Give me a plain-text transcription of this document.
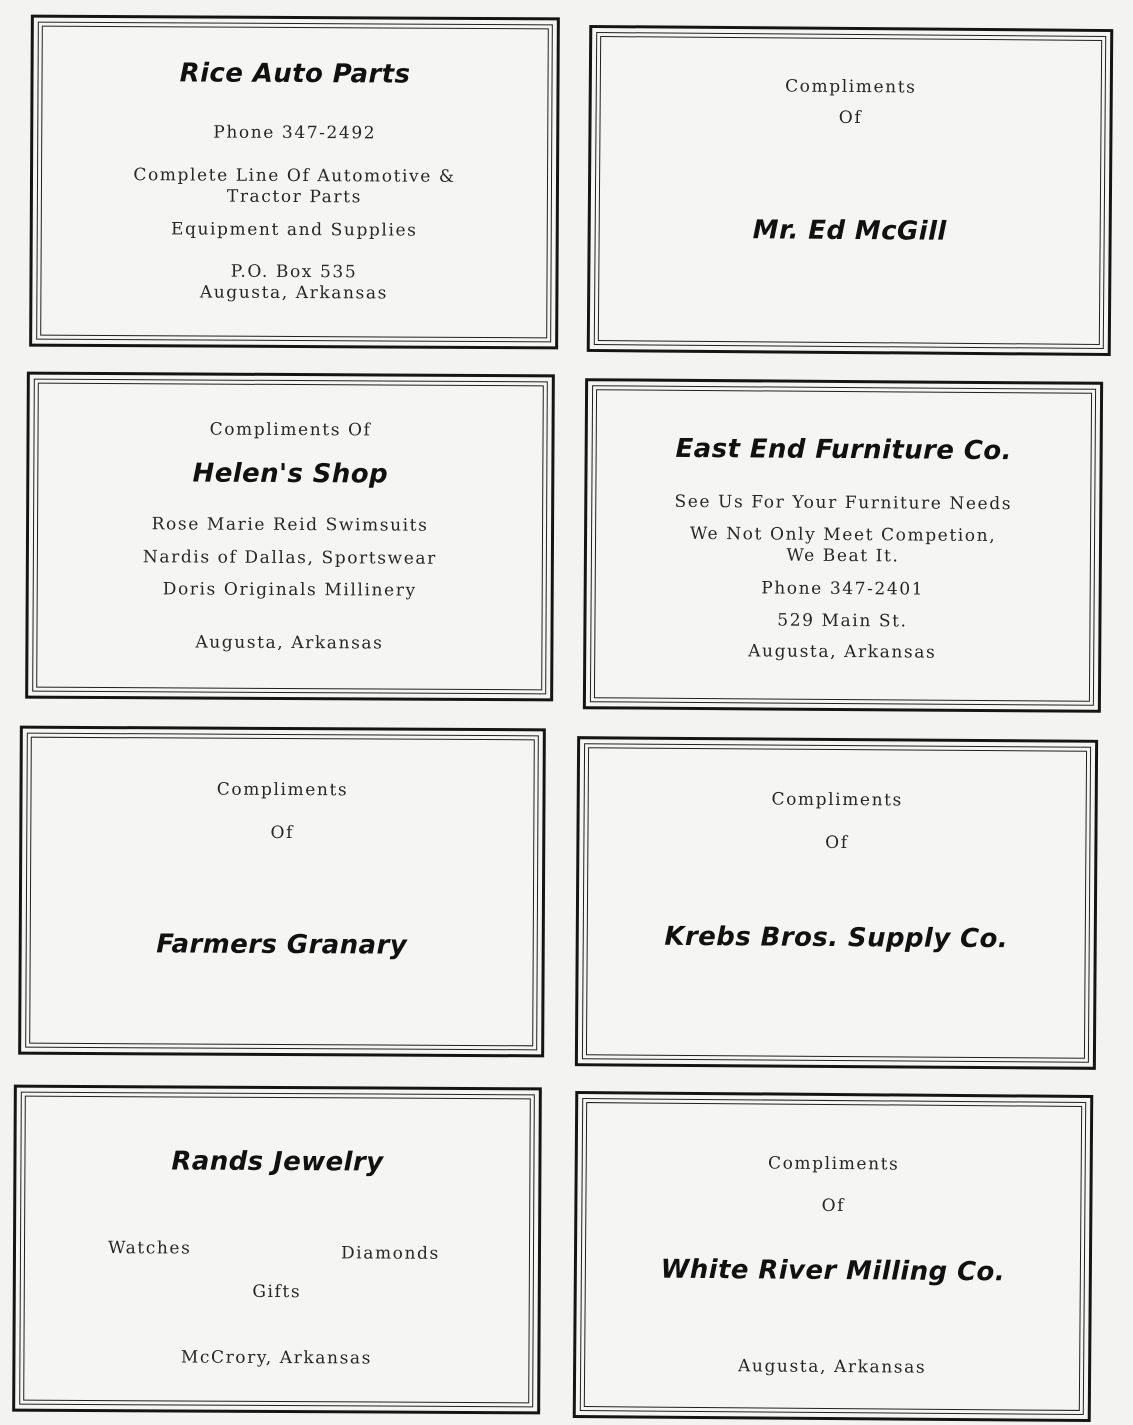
Rice Auto Parts
Phone 347-2492
Complete Line Of Automotive &
Tractor Parts
Equipment and Supplies
P.O. Box 535
Augusta, Arkansas
Compliments
Of
Mr. Ed McGill
Compliments Of
Helen's Shop
Rose Marie Reid Swimsuits
Nardis of Dallas, Sportswear
Doris Originals Millinery
Augusta, Arkansas
East End Furniture Co.
See Us For Your Furniture Needs
We Not Only Meet Competion,
We Beat It.
Phone 347-2401
529 Main St.
Augusta, Arkansas
Compliments
Of
Farmers Granary
Compliments
Of
Krebs Bros. Supply Co.
Rands Jewelry
Watches	Diamonds
Gifts
McCrory, Arkansas
Compliments
Of
White River Milling Co.
Augusta, Arkansas
